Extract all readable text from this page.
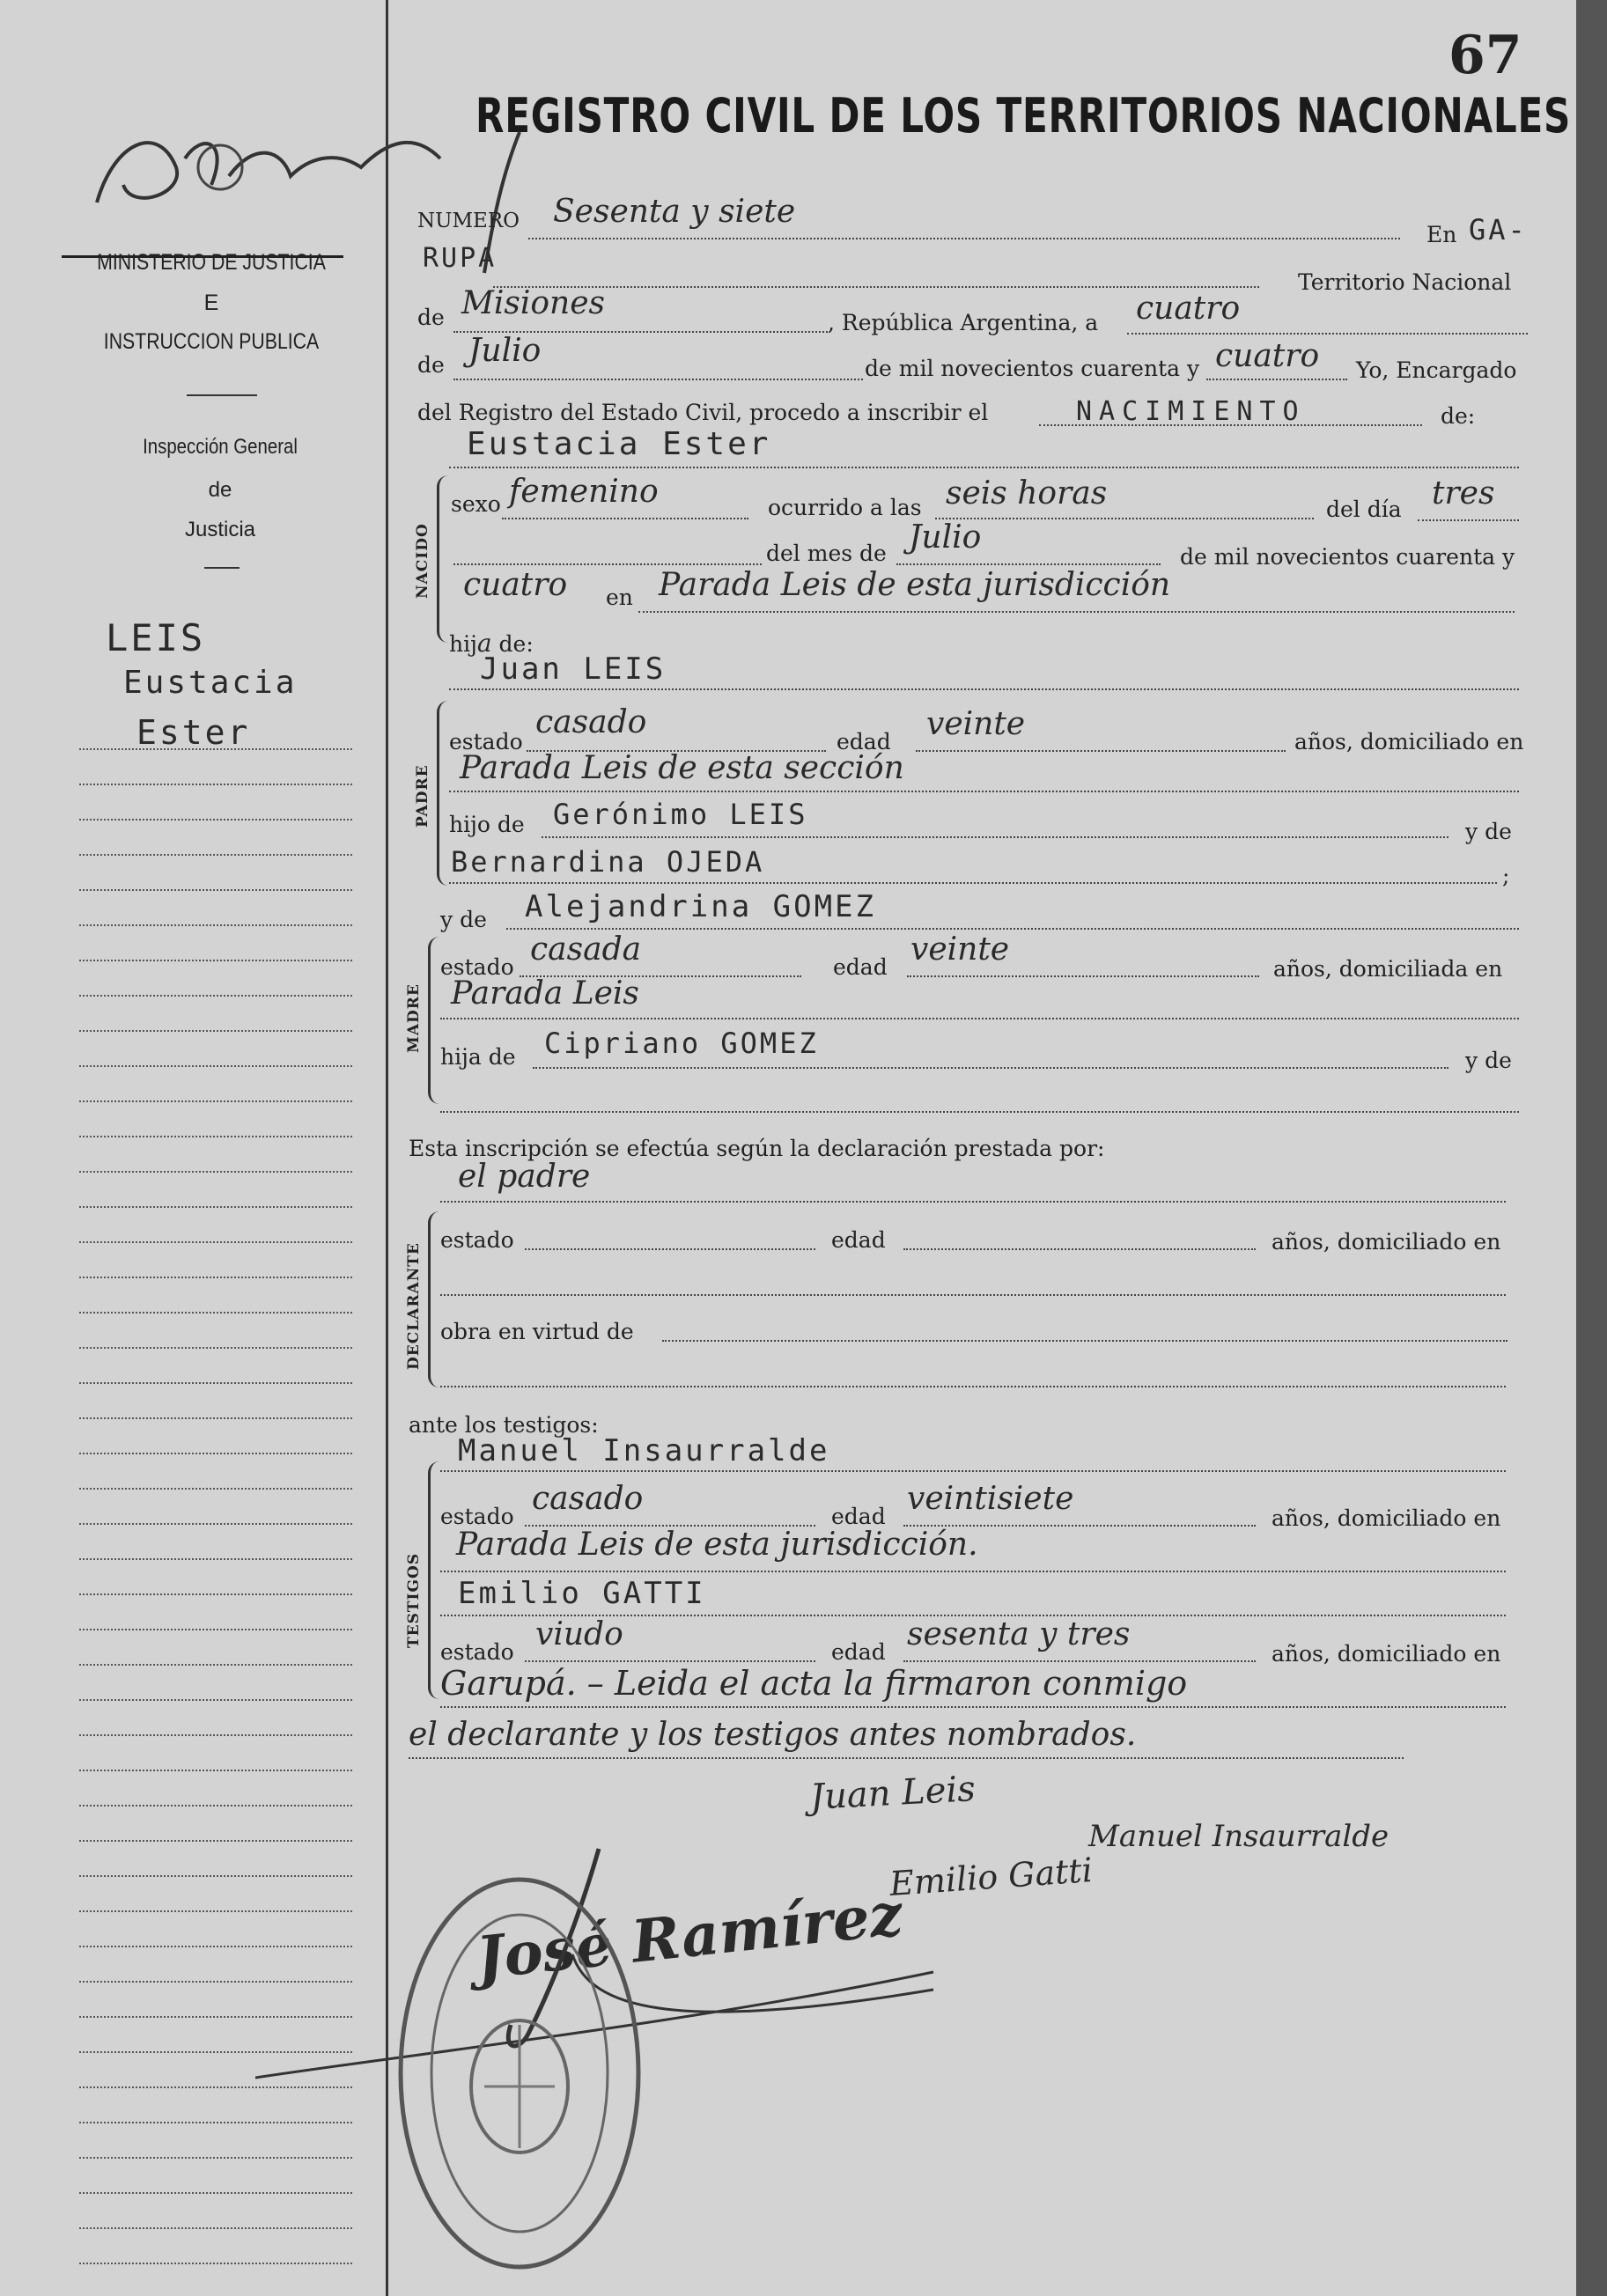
MINISTERIO DE JUSTICIA
E
INSTRUCCION PUBLICA
Inspección General
de
Justicia
LEIS
Eustacia
Ester
67
REGISTRO CIVIL DE LOS TERRITORIOS NACIONALES
NUMERO Sesenta y siete
En GA-
RUPA
Territorio Nacional
de Misiones
, República Argentina, a cuatro
de Julio	de mil novecientos cuarenta y cuatro Yo, Encargado
del Registro del Estado Civil, procedo a inscribir el	NACIMIENTO	de:
Eustacia Ester
NACIDO
sexo femenino	ocurrido a las seis horas	del día tres
del mes de Julio
de mil novecientos cuarenta y
cuatro en Parada Leis de esta jurisdicción
hija de:
Juan LEIS
PADRE
estado
casado
edad veinte	años, domiciliado en
Parada Leis de esta sección
hijo de Gerónimo LEIS
y de
Bernardina OJEDA	;
y de Alejandrina GOMEZ
MADRE
estado casada	edad veinte
años, domiciliada en
Parada Leis
hija de Cipriano GOMEZ
y de
Esta inscripción se efectúa según la declaración prestada por:
el padre
DECLARANTE
estado	edad	años, domiciliado en
obra en virtud de
ante los testigos:
Manuel Insaurralde
TESTIGOS
estado casado	edad veintisiete
años, domiciliado en
Parada Leis de esta jurisdicción.
Emilio GATTI
estado viudo	edad sesenta y tres
años, domiciliado en
Garupá. – Leida el acta la firmaron conmigo
el declarante y los testigos antes nombrados.
Juan Leis
Manuel Insaurralde
Emilio Gatti
José Ramírez
